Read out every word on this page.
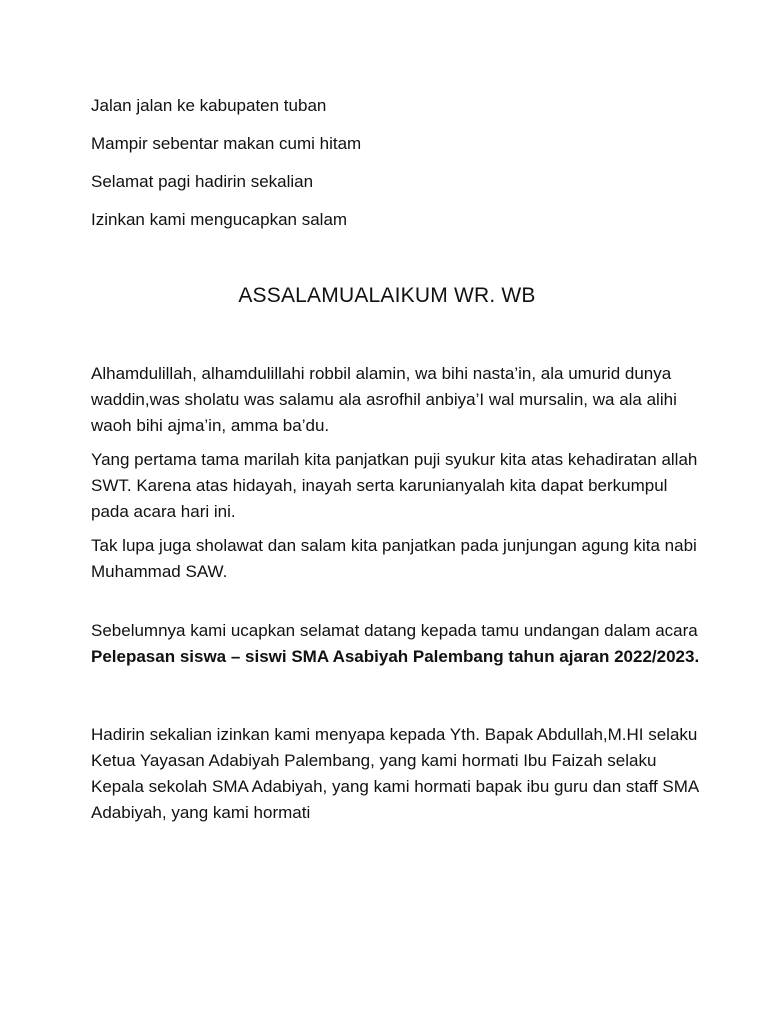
Jalan jalan ke kabupaten tuban

Mampir sebentar makan cumi hitam

Selamat pagi hadirin sekalian

Izinkan kami mengucapkan salam

ASSALAMUALAIKUM WR. WB

Alhamdulillah, alhamdulillahi robbil alamin, wa bihi nasta’in, ala umurid dunya waddin,was sholatu was salamu ala asrofhil anbiya’I wal mursalin, wa ala alihi waoh bihi ajma’in, amma ba’du.

Yang pertama tama marilah kita panjatkan puji syukur kita atas kehadiratan allah SWT. Karena atas hidayah, inayah serta karunianyalah kita dapat berkumpul pada acara hari ini.

Tak lupa juga sholawat dan salam kita panjatkan pada junjungan agung kita nabi Muhammad SAW.

Sebelumnya kami ucapkan selamat datang kepada tamu undangan dalam acara Pelepasan siswa – siswi SMA Asabiyah Palembang tahun ajaran 2022/2023.

Hadirin sekalian izinkan kami menyapa kepada Yth. Bapak Abdullah,M.HI selaku Ketua Yayasan Adabiyah Palembang, yang kami hormati Ibu Faizah selaku Kepala sekolah SMA Adabiyah, yang kami hormati bapak ibu guru dan staff SMA Adabiyah, yang kami hormati
